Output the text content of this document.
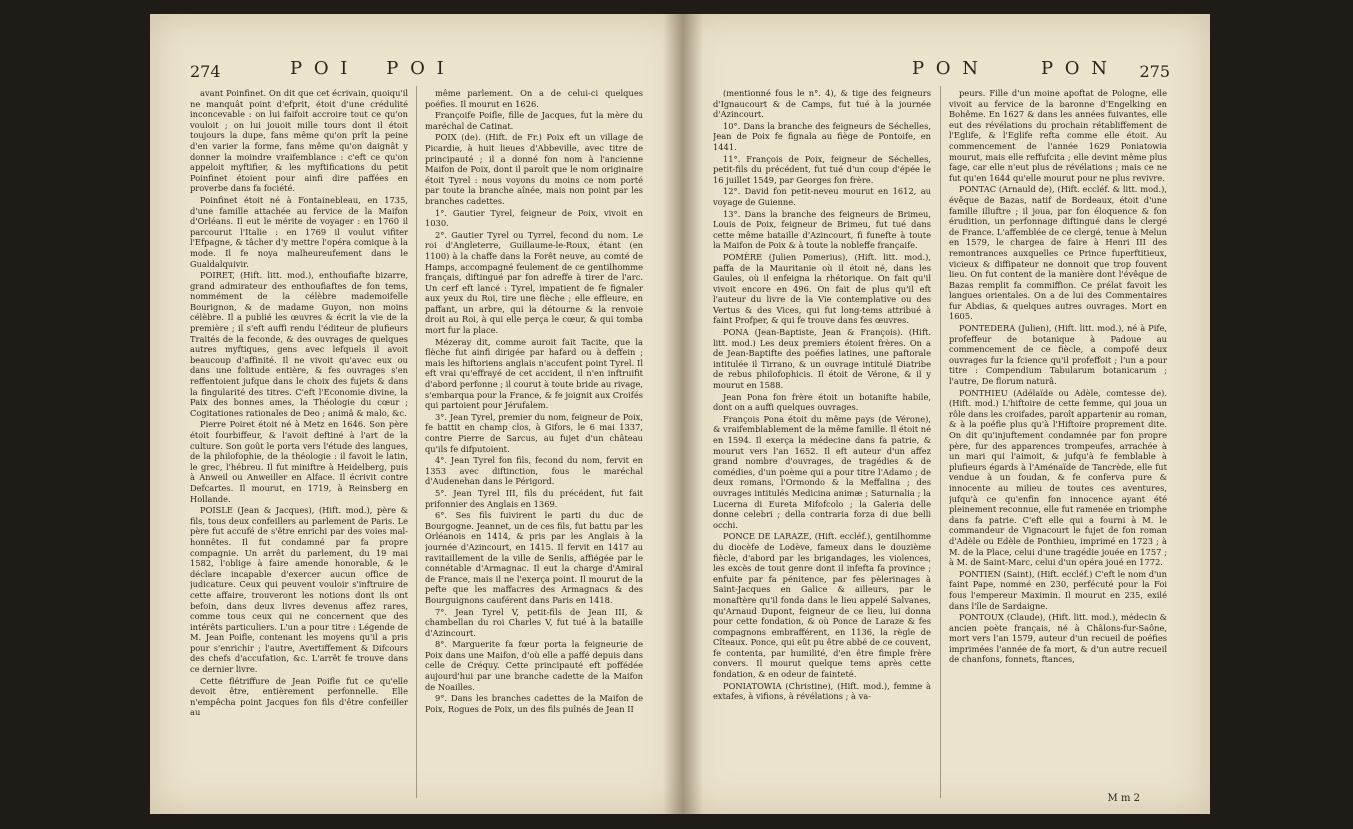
274	P O I	P O I

avant Poinfinet. On dit que cet écrivain, quoiqu'il ne manquât point d'efprit, étoit d'une crédulité inconcevable : on lui faifoit accroire tout ce qu'on vouloit ; on lui jouoit mille tours dont il étoit toujours la dupe, fans même qu'on prît la peine d'en varier la forme, fans même qu'on daignât y donner la moindre vraifemblance : c'eft ce qu'on appeloit myftifier, & les myftifications du petit Poinfinet étoient pour ainfi dire paffées en proverbe dans fa fociété.

Poinfinet étoit né à Fontainebleau, en 1735, d'une famille attachée au fervice de la Maifon d'Orléans. Il eut le mérite de voyager : en 1760 il parcourut l'Italie : en 1769 il voulut vifiter l'Efpagne, & tâcher d'y mettre l'opéra comique à la mode. Il fe noya malheureufement dans le Gualdalquivir.

POIRET, (Hift. litt. mod.), enthoufiafte bizarre, grand admirateur des enthoufiaftes de fon tems, nommément de la célèbre mademoifelle Bourignon, & de madame Guyon, non moins célèbre. Il a publié les œuvres & écrit la vie de la première ; il s'eft auffi rendu l'éditeur de plufieurs Traités de la feconde, & des ouvrages de quelques autres myftiques, gens avec lefquels il avoit beaucoup d'affinité. Il ne vivoit qu'avec eux ou dans une folitude entière, & fes ouvrages s'en reffentoient jufque dans le choix des fujets & dans la fingularité des titres. C'eft l'Economie divine, la Paix des bonnes ames, la Théologie du cœur ; Cogitationes rationales de Deo ; animâ & malo, &c.

Pierre Poiret étoit né à Metz en 1646. Son père étoit fourbiffeur, & l'avoit deftiné à l'art de la culture. Son goût le porta vers l'étude des langues, de la philofophie, de la théologie : il favoit le latin, le grec, l'hébreu. Il fut miniftre à Heidelberg, puis à Anweil ou Anweiller en Alface. Il écrivit contre Defcartes. Il mourut, en 1719, à Reinsberg en Hollande.

POISLE (Jean & Jacques), (Hift. mod.), père & fils, tous deux confeillers au parlement de Paris. Le père fut accufé de s'être enrichi par des voies mal-honnêtes. Il fut condamné par fa propre compagnie. Un arrêt du parlement, du 19 mai 1582, l'oblige à faire amende honorable, & le déclare incapable d'exercer aucun office de judicature. Ceux qui peuvent vouloir s'inftruire de cette affaire, trouveront les notions dont ils ont befoin, dans deux livres devenus affez rares, comme tous ceux qui ne concernent que des intérêts particuliers. L'un a pour titre : Légende de M. Jean Poifle, contenant les moyens qu'il a pris pour s'enrichir ; l'autre, Avertiffement & Difcours des chefs d'accufation, &c. L'arrêt fe trouve dans ce dernier livre.

Cette flétriffure de Jean Poifle fut ce qu'elle devoit être, entièrement perfonnelle. Elle n'empêcha point Jacques fon fils d'être confeiller au

même parlement. On a de celui-ci quelques poéfies. Il mourut en 1626.

Françoife Poifle, fille de Jacques, fut la mère du maréchal de Catinat.

POIX (de). (Hift. de Fr.) Poix eft un village de Picardie, à huit lieues d'Abbeville, avec titre de principauté ; il a donné fon nom à l'ancienne Maifon de Poix, dont il paroît que le nom originaire étoit Tyrel : nous voyons du moins ce nom porté par toute la branche aînée, mais non point par les branches cadettes.

1°. Gautier Tyrel, feigneur de Poix, vivoit en 1030.

2°. Gautier Tyrel ou Tyrrel, fecond du nom. Le roi d'Angleterre, Guillaume-le-Roux, étant (en 1100) à la chaffe dans la Forêt neuve, au comté de Hamps, accompagné feulement de ce gentilhomme français, diftingué par fon adreffe à tirer de l'arc. Un cerf eft lancé : Tyrel, impatient de fe fignaler aux yeux du Roi, tire une flèche ; elle effleure, en paffant, un arbre, qui la détourne & la renvoie droit au Roi, à qui elle perça le cœur, & qui tomba mort fur la place.

Mézeray dit, comme auroit fait Tacite, que la flèche fut ainfi dirigée par hafard ou à deffein ; mais les hiftoriens anglais n'accufent point Tyrel. Il eft vrai qu'effrayé de cet accident, il n'en inftruifit d'abord perfonne ; il courut à toute bride au rivage, s'embarqua pour la France, & fe joignit aux Croifés qui partoient pour Jérufalem.

3°. Jean Tyrel, premier du nom, feigneur de Poix, fe battit en champ clos, à Gifors, le 6 mai 1337, contre Pierre de Sarcus, au fujet d'un château qu'ils fe difputoient.

4°. Jean Tyrel fon fils, fecond du nom, fervit en 1353 avec diftinction, fous le maréchal d'Audenehan dans le Périgord.

5°. Jean Tyrel III, fils du précédent, fut fait prifonnier des Anglais en 1369.

6°. Ses fils fuivirent le parti du duc de Bourgogne. Jeannet, un de ces fils, fut battu par les Orléanois en 1414, & pris par les Anglais à la journée d'Azincourt, en 1415. Il fervit en 1417 au ravitaillement de la ville de Senlis, affiégée par le connétable d'Armagnac. Il eut la charge d'Amiral de France, mais il ne l'exerça point. Il mourut de la pefte que les maffacres des Armagnacs & des Bourguignons cauférent dans Paris en 1418.

7°. Jean Tyrel V, petit-fils de Jean III, & chambellan du roi Charles V, fut tué à la bataille d'Azincourt.

8°. Marguerite fa fœur porta la feigneurie de Poix dans une Maifon, d'où elle a paffé depuis dans celle de Créquy. Cette principauté eft poffédée aujourd'hui par une branche cadette de la Maifon de Noailles.

9°. Dans les branches cadettes de la Maifon de Poix, Rogues de Poix, un des fils puînés de Jean II

P O N	P O N 275

(mentionné fous le n°. 4), & tige des feigneurs d'Ignaucourt & de Camps, fut tué à la journée d'Azincourt.

10°. Dans la branche des feigneurs de Séchelles, Jean de Poix fe fignala au fiège de Pontoife, en 1441.

11°. François de Poix, feigneur de Séchelles, petit-fils du précédent, fut tué d'un coup d'épée le 16 juillet 1549, par Georges fon frère.

12°. David fon petit-neveu mourut en 1612, au voyage de Guienne.

13°. Dans la branche des feigneurs de Brimeu, Louis de Poix, feigneur de Brimeu, fut tué dans cette même bataille d'Azincourt, fi funefte à toute la Maifon de Poix & à toute la nobleffe françaife.

POMÈRE (Julien Pomerius), (Hift. litt. mod.), paffa de la Mauritanie où il étoit né, dans les Gaules, où il enfeigna la rhétorique. On fait qu'il vivoit encore en 496. On fait de plus qu'il eft l'auteur du livre de la Vie contemplative ou des Vertus & des Vices, qui fut long-tems attribué à faint Profper, & qui fe trouve dans fes œuvres.

PONA (Jean-Baptiste, Jean & François). (Hift. litt. mod.) Les deux premiers étoient frères. On a de Jean-Baptifte des poéfies latines, une paftorale intitulée il Tirrano, & un ouvrage intitulé Diatribe de rebus philofophicis. Il étoit de Vérone, & il y mourut en 1588.

Jean Pona fon frère étoit un botanifte habile, dont on a auffi quelques ouvrages.

François Pona étoit du même pays (de Vérone), & vraifemblablement de la même famille. Il étoit né en 1594. Il exerça la médecine dans fa patrie, & mourut vers l'an 1652. Il eft auteur d'un affez grand nombre d'ouvrages, de tragédies & de comédies, d'un poème qui a pour titre l'Adamo ; de deux romans, l'Ormondo & la Meffalina ; des ouvrages intitulés Medicina animæ ; Saturnalia ; la Lucerna di Eureta Mifofcolo ; la Galeria delle donne celebri ; della contraria forza di due belli occhi.

PONCE DE LARAZE, (Hift. eccléf.), gentilhomme du diocèfe de Lodève, fameux dans le douzième fiècle, d'abord par les brigandages, les violences, les excès de tout genre dont il infefta fa province ; enfuite par fa pénitence, par fes pèlerinages à Saint-Jacques en Galice & ailleurs, par le monaftère qu'il fonda dans le lieu appelé Salvanes, qu'Arnaud Dupont, feigneur de ce lieu, lui donna pour cette fondation, & où Ponce de Laraze & fes compagnons embrafférent, en 1136, la règle de Cîteaux. Ponce, qui eût pu être abbé de ce couvent, fe contenta, par humilité, d'en être fimple frère convers. Il mourut quelque tems après cette fondation, & en odeur de fainteté.

PONIATOWIA (Christine), (Hift. mod.), femme à extafes, à vifions, à révélations ; à va-

peurs. Fille d'un moine apoftat de Pologne, elle vivoit au fervice de la baronne d'Engelking en Bohême. En 1627 & dans les années fuivantes, elle eut des révélations du prochain rétabliffement de l'Eglife, & l'Eglife refta comme elle étoit. Au commencement de l'année 1629 Poniatowia mourut, mais elle reffufcita ; elle devint même plus fage, car elle n'eut plus de révélations ; mais ce ne fut qu'en 1644 qu'elle mourut pour ne plus revivre.

PONTAC (Arnauld de), (Hift. eccléf. & litt. mod.), évêque de Bazas, natif de Bordeaux, étoit d'une famille illuftre ; il joua, par fon éloquence & fon érudition, un perfonnage diftingué dans le clergé de France. L'affemblée de ce clergé, tenue à Melun en 1579, le chargea de faire à Henri III des remontrances auxquelles ce Prince fuperftitieux, vicieux & diffipateur ne donnoit que trop fouvent lieu. On fut content de la manière dont l'évêque de Bazas remplit fa commiffion. Ce prélat favoit les langues orientales. On a de lui des Commentaires fur Abdias, & quelques autres ouvrages. Mort en 1605.

PONTEDERA (Julien), (Hift. litt. mod.), né à Pife, profeffeur de botanique à Padoue au commencement de ce fiècle, a compofé deux ouvrages fur la fcience qu'il profeffoit ; l'un a pour titre : Compendium Tabularum botanicarum ; l'autre, De florum naturâ.

PONTHIEU (Adélaïde ou Adèle, comtesse de). (Hift. mod.) L'hiftoire de cette femme, qui joua un rôle dans les croifades, paroît appartenir au roman, & à la poéfie plus qu'à l'Hiftoire proprement dite. On dit qu'injuftement condamnée par fon propre père, fur des apparences trompeufes, arrachée à un mari qui l'aimoit, & jufqu'à fe femblable à plufieurs égards à l'Aménaïde de Tancrède, elle fut vendue à un foudan, & fe conferva pure & innocente au milieu de toutes ces aventures, jufqu'à ce qu'enfin fon innocence ayant été pleinement reconnue, elle fut ramenée en triomphe dans fa patrie. C'eft elle qui a fourni à M. le commandeur de Vignacourt le fujet de fon roman d'Adèle ou Edèle de Ponthieu, imprimé en 1723 ; à M. de la Place, celui d'une tragédie jouée en 1757 ; à M. de Saint-Marc, celui d'un opéra joué en 1772.

PONTIEN (Saint), (Hift. eccléf.) C'eft le nom d'un faint Pape, nommé en 230, perfécuté pour la Foi fous l'empereur Maximin. Il mourut en 235, exilé dans l'île de Sardaigne.

PONTOUX (Claude), (Hift. litt. mod.), médecin & ancien poète français, né à Châlons-fur-Saône, mort vers l'an 1579, auteur d'un recueil de poéfies imprimées l'année de fa mort, & d'un autre recueil de chanfons, fonnets, ftances,

M m 2
